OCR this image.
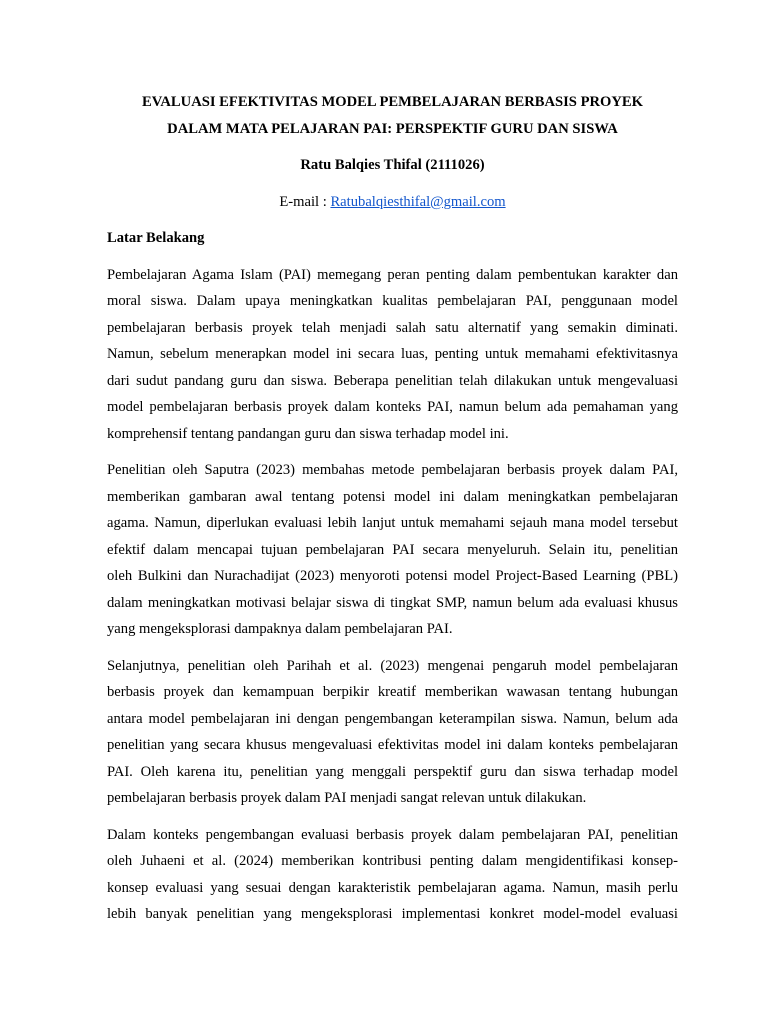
EVALUASI EFEKTIVITAS MODEL PEMBELAJARAN BERBASIS PROYEK
DALAM MATA PELAJARAN PAI: PERSPEKTIF GURU DAN SISWA

Ratu Balqies Thifal (2111026)

E-mail : Ratubalqiesthifal@gmail.com

Latar Belakang

Pembelajaran Agama Islam (PAI) memegang peran penting dalam pembentukan karakter dan
moral siswa. Dalam upaya meningkatkan kualitas pembelajaran PAI, penggunaan model
pembelajaran berbasis proyek telah menjadi salah satu alternatif yang semakin diminati.
Namun, sebelum menerapkan model ini secara luas, penting untuk memahami efektivitasnya
dari sudut pandang guru dan siswa. Beberapa penelitian telah dilakukan untuk mengevaluasi
model pembelajaran berbasis proyek dalam konteks PAI, namun belum ada pemahaman yang
komprehensif tentang pandangan guru dan siswa terhadap model ini.

Penelitian oleh Saputra (2023) membahas metode pembelajaran berbasis proyek dalam PAI,
memberikan gambaran awal tentang potensi model ini dalam meningkatkan pembelajaran
agama. Namun, diperlukan evaluasi lebih lanjut untuk memahami sejauh mana model tersebut
efektif dalam mencapai tujuan pembelajaran PAI secara menyeluruh. Selain itu, penelitian
oleh Bulkini dan Nurachadijat (2023) menyoroti potensi model Project-Based Learning (PBL)
dalam meningkatkan motivasi belajar siswa di tingkat SMP, namun belum ada evaluasi khusus
yang mengeksplorasi dampaknya dalam pembelajaran PAI.

Selanjutnya, penelitian oleh Parihah et al. (2023) mengenai pengaruh model pembelajaran
berbasis proyek dan kemampuan berpikir kreatif memberikan wawasan tentang hubungan
antara model pembelajaran ini dengan pengembangan keterampilan siswa. Namun, belum ada
penelitian yang secara khusus mengevaluasi efektivitas model ini dalam konteks pembelajaran
PAI. Oleh karena itu, penelitian yang menggali perspektif guru dan siswa terhadap model
pembelajaran berbasis proyek dalam PAI menjadi sangat relevan untuk dilakukan.

Dalam konteks pengembangan evaluasi berbasis proyek dalam pembelajaran PAI, penelitian
oleh Juhaeni et al. (2024) memberikan kontribusi penting dalam mengidentifikasi konsep-
konsep evaluasi yang sesuai dengan karakteristik pembelajaran agama. Namun, masih perlu
lebih banyak penelitian yang mengeksplorasi implementasi konkret model-model evaluasi
